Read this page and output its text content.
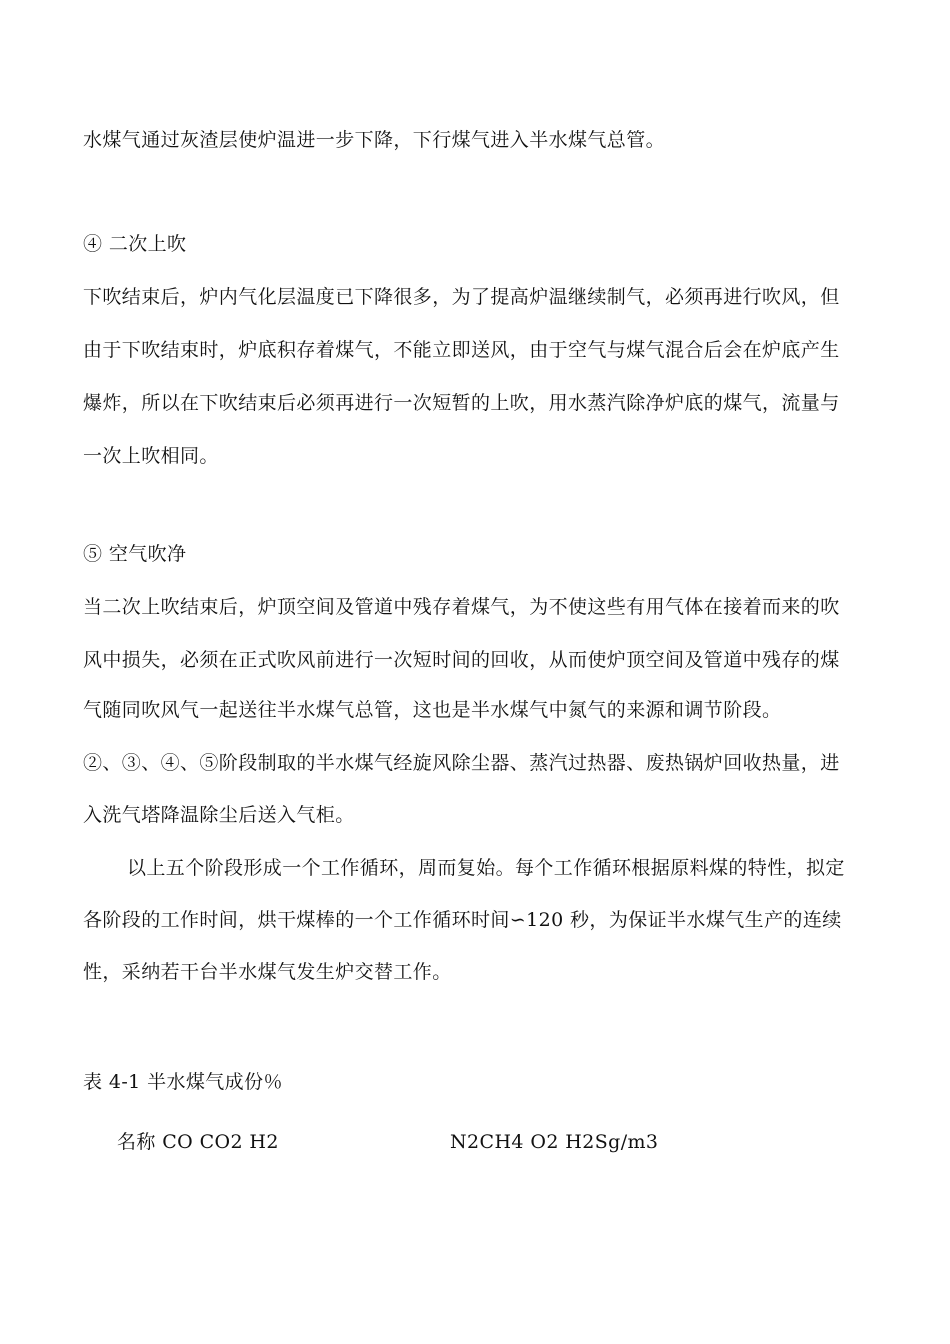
水煤气通过灰渣层使炉温进一步下降，下行煤气进入半水煤气总管。
④ 二次上吹
下吹结束后，炉内气化层温度已下降很多，为了提高炉温继续制气，必须再进行吹风，但
由于下吹结束时，炉底积存着煤气，不能立即送风，由于空气与煤气混合后会在炉底产生
爆炸，所以在下吹结束后必须再进行一次短暂的上吹，用水蒸汽除净炉底的煤气，流量与
一次上吹相同。
⑤ 空气吹净
当二次上吹结束后，炉顶空间及管道中残存着煤气，为不使这些有用气体在接着而来的吹
风中损失，必须在正式吹风前进行一次短时间的回收，从而使炉顶空间及管道中残存的煤
气随同吹风气一起送往半水煤气总管，这也是半水煤气中氮气的来源和调节阶段。
②、③、④、⑤阶段制取的半水煤气经旋风除尘器、蒸汽过热器、废热锅炉回收热量，进
入洗气塔降温除尘后送入气柜。
以上五个阶段形成一个工作循环，周而复始。每个工作循环根据原料煤的特性，拟定
各阶段的工作时间，烘干煤棒的一个工作循环时间∽120 秒，为保证半水煤气生产的连续
性，采纳若干台半水煤气发生炉交替工作。
表 4-1 半水煤气成份％
名称 CO CO2 H2	N2CH4 O2 H2Sg/m3
